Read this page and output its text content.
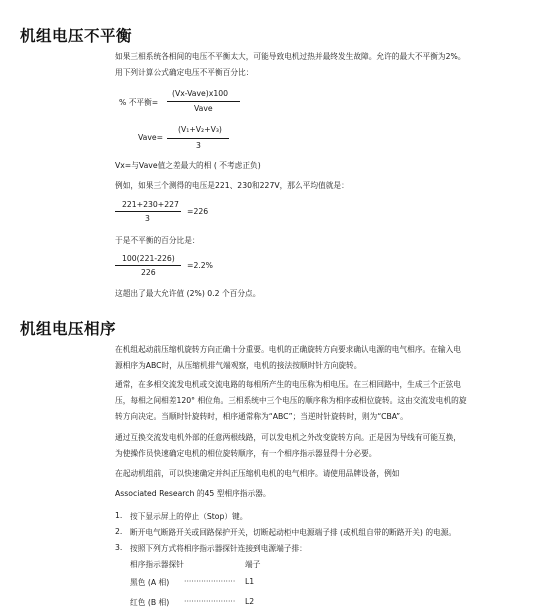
机组电压不平衡
如果三相系统各相间的电压不平衡太大，可能导致电机过热并最终发生故障。允许的最大不平衡为2%。
用下列计算公式确定电压不平衡百分比：
% 不平衡=
(Vx-Vave)x100
Vave
Vave=
(V₁+V₂+V₃)
3
Vx=与Vave值之差最大的相 ( 不考虑正负)
例如，如果三个测得的电压是221、230和227V，那么平均值就是：
221+230+227
3
=226
于是不平衡的百分比是：
100(221-226)
226
=2.2%
这超出了最大允许值 (2%) 0.2 个百分点。
机组电压相序
在机组起动前压缩机旋转方向正确十分重要。电机的正确旋转方向要求确认电源的电气相序。在输入电
源相序为ABC时，从压缩机排气端观察，电机的接法按顺时针方向旋转。
通常，在多相交流发电机或交流电路的每相所产生的电压称为相电压。在三相回路中，生成三个正弦电
压，每相之间相差120° 相位角。三相系统中三个电压的顺序称为相序或相位旋转。这由交流发电机的旋
转方向决定。当顺时针旋转时，相序通常称为“ABC”；当逆时针旋转时，则为“CBA”。
通过互换交流发电机外部的任意两根线路，可以发电机之外改变旋转方向。正是因为导线有可能互换，
为使操作员快速确定电机的相位旋转顺序，有一个相序指示器显得十分必要。
在起动机组前，可以快速确定并纠正压缩机电机的电气相序。请使用品牌设备，例如
Associated Research 的45 型相序指示器。
1. 按下显示屏上的停止（Stop）键。
2. 断开电气断路开关或回路保护开关，切断起动柜中电源端子排 (或机组自带的断路开关) 的电源。
3. 按照下列方式将相序指示器探针连接到电源端子排：
相序指示器探针	端子
黑色 (A 相) ····················· L1
红色 (B 相) ····················· L2
